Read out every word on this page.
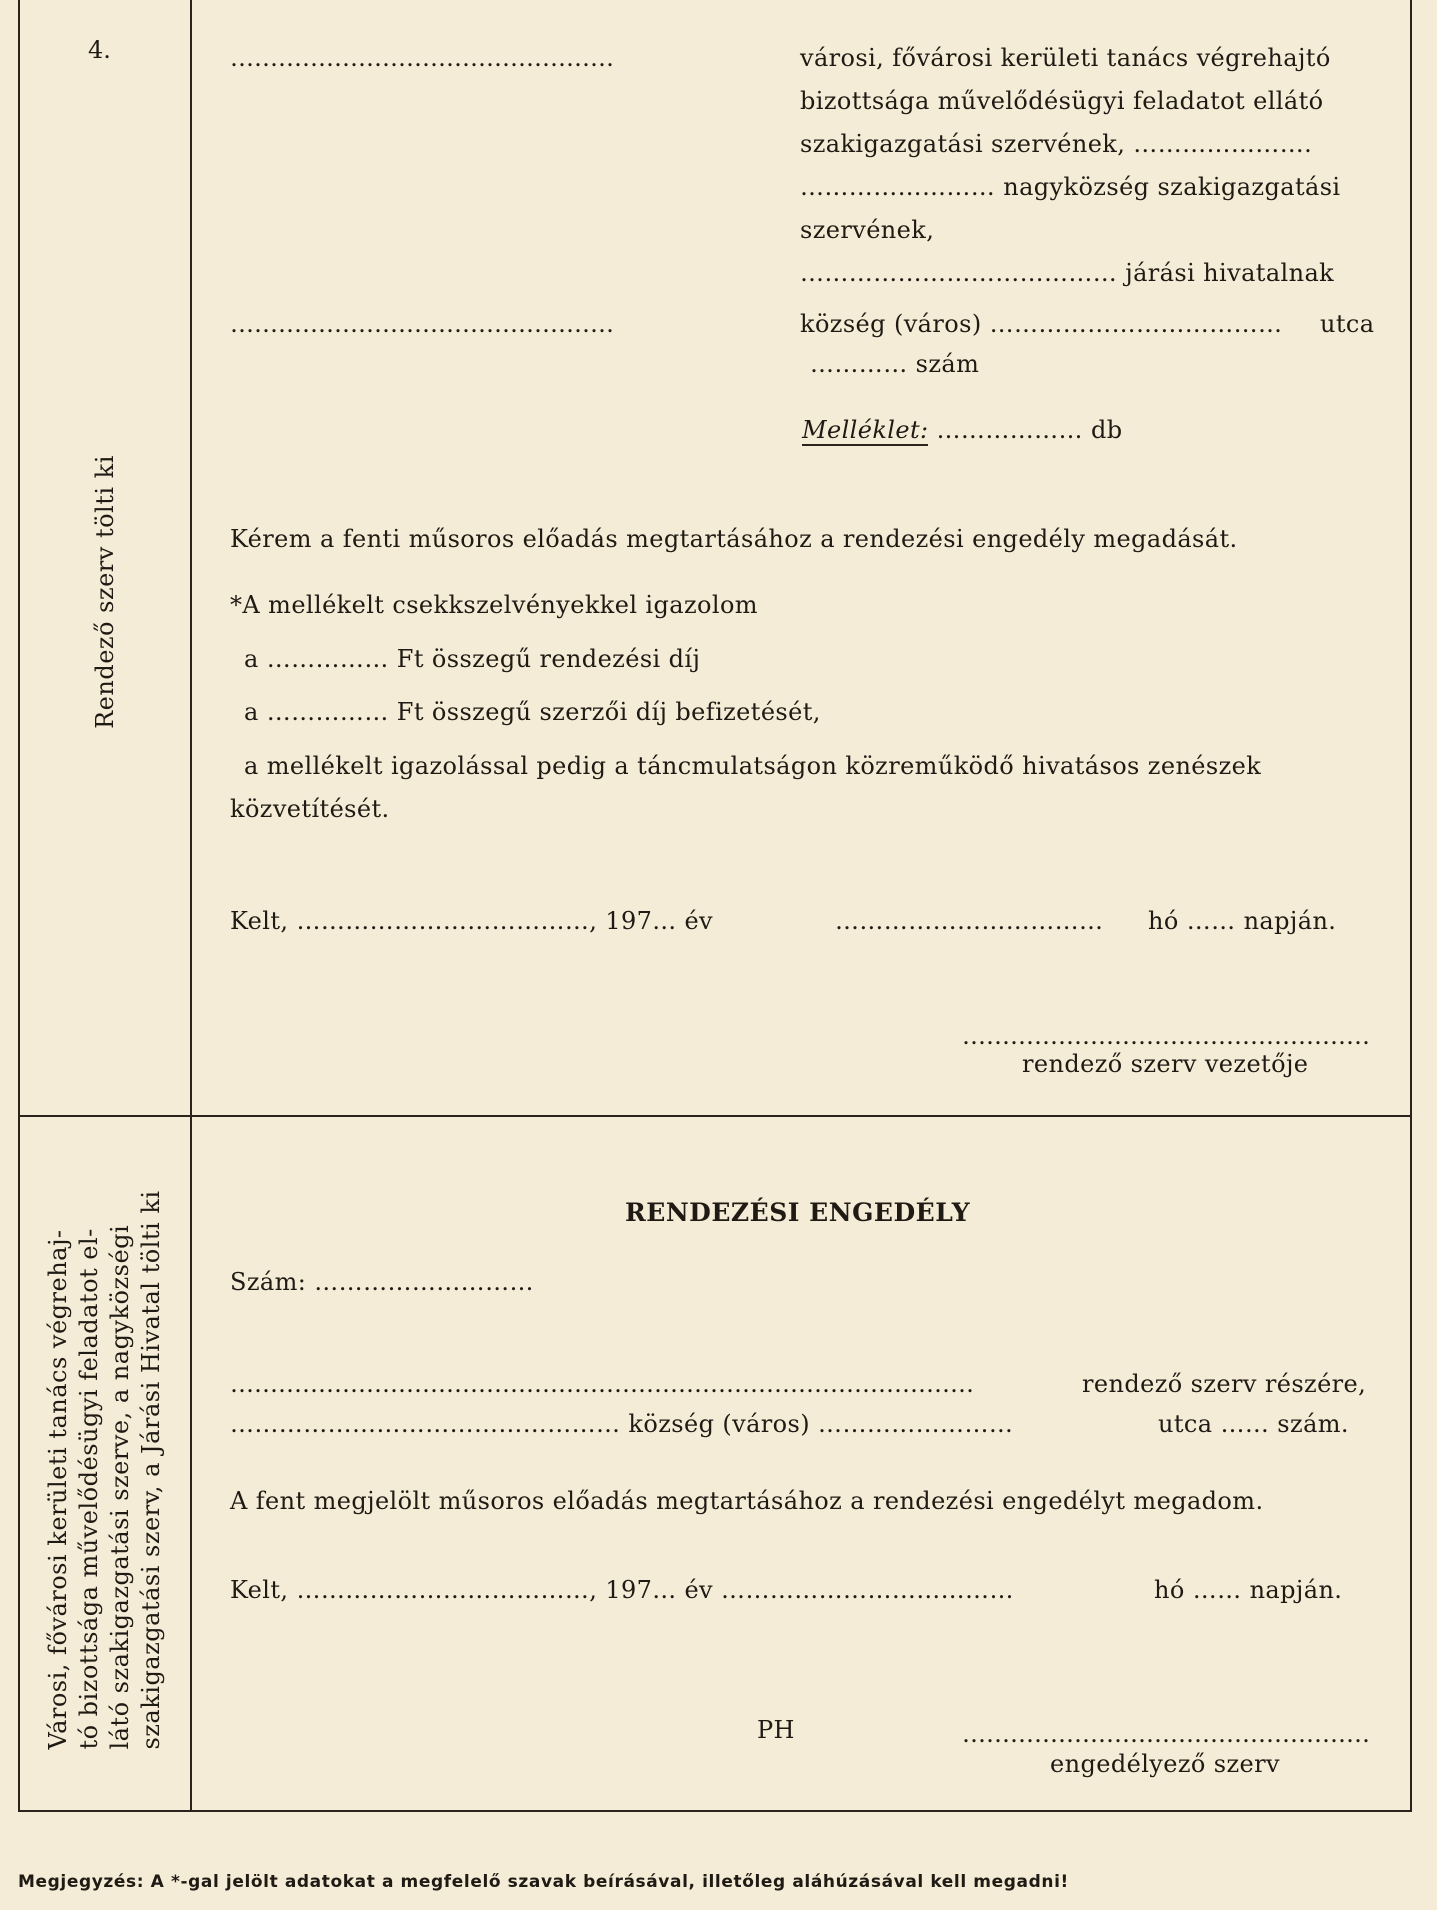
4.
Rendező szerv tölti ki
Városi, fővárosi kerületi tanács végrehaj- tó bizottsága művelődésügyi feladatot el- látó szakigazgatási szerve, a nagyközségi szakigazgatási szerv, a Járási Hivatal tölti ki
…………………………………………	városi, fővárosi kerületi tanács végrehajtó
bizottsága művelődésügyi feladatot ellátó
szakigazgatási szervének, ………………….
…………………… nagyközség szakigazgatási
szervének,
………………………………… járási hivatalnak
…………………………………………	község (város) ……………………………… utca
………… szám
Melléklet: ……………… db
Kérem a fenti műsoros előadás megtartásához a rendezési engedély megadását.
*A mellékelt csekkszelvényekkel igazolom
a …………… Ft összegű rendezési díj
a …………… Ft összegű szerzői díj befizetését,
a mellékelt igazolással pedig a táncmulatságon közreműködő hivatásos zenészek
közvetítését.
Kelt, ………………………………, 197... év	…………………………… hó …… napján.
……………………………………………
rendező szerv vezetője
RENDEZÉSI ENGEDÉLY
Szám: ………………………
…………………………………………………………………………………	rendező szerv részére,
………………………………………… község (város) ……………………	utca …… szám.
A fent megjelölt műsoros előadás megtartásához a rendezési engedélyt megadom.
Kelt, ………………………………, 197... év ………………………………	hó …… napján.
PH	……………………………………………
engedélyező szerv
Megjegyzés: A *-gal jelölt adatokat a megfelelő szavak beírásával, illetőleg aláhúzásával kell megadni!
